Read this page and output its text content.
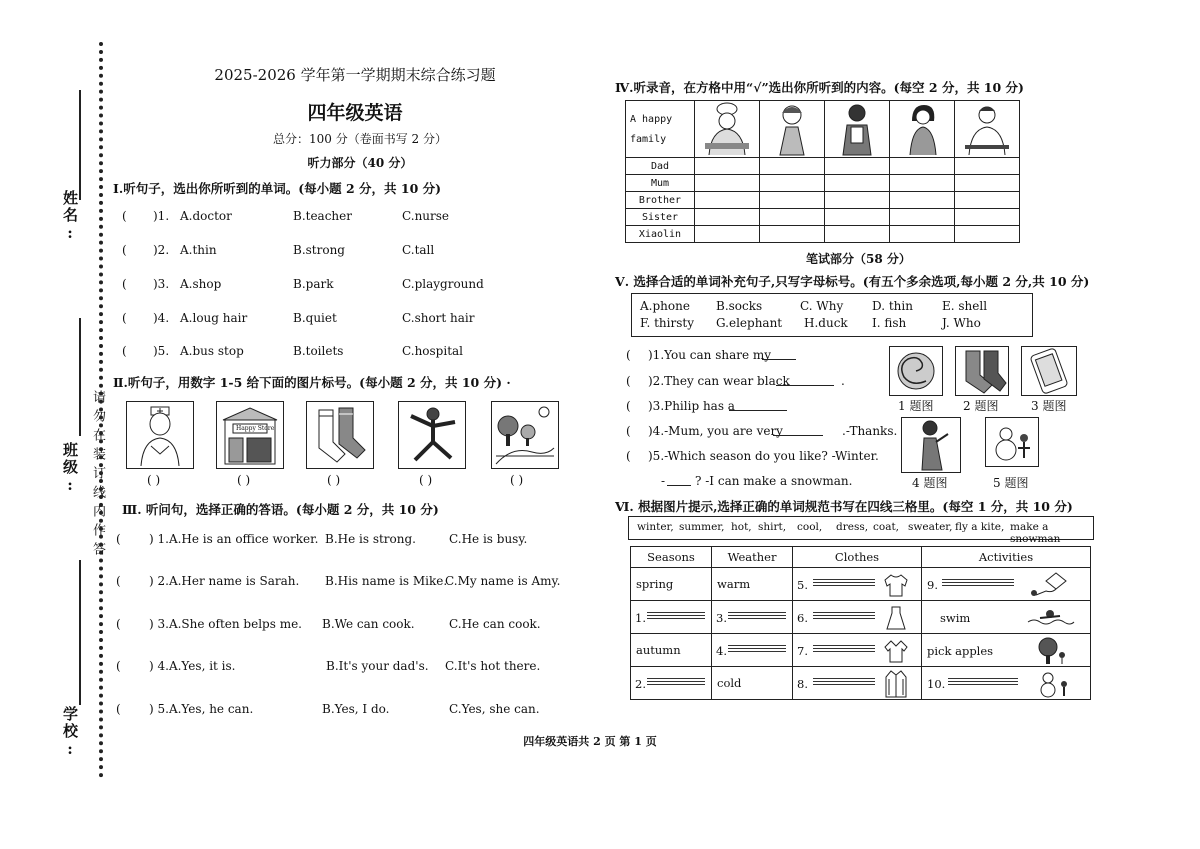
姓名:
班级:
学校:
请勿在装订线内作答
2025-2026 学年第一学期期末综合练习题
四年级英语
总分：100 分（卷面书写 2 分）
听力部分（40 分）
Ⅰ.听句子，选出你所听到的单词。(每小题 2 分，共 10 分)
( )1. A.doctor	B.teacher	C.nurse
( )2. A.thin	B.strong	C.tall
( )3. A.shop	B.park	C.playground
( )4. A.loug hair	B.quiet	C.short hair
( )5. A.bus stop	B.toilets	C.hospital
Ⅱ.听句子，用数字 1-5 给下面的图片标号。(每小题 2 分，共 10 分) ·
Happy Store
( )	( )	( )	( )	( )
Ⅲ. 听问句，选择正确的答语。(每小题 2 分，共 10 分)
( ) 1.A.He is an office worker. B.He is strong.	C.He is busy.
( ) 2.A.Her name is Sarah. B.His name is Mike.
C.My name is Amy.
( ) 3.A.She often belps me. B.We can cook.	C.He can cook.
( ) 4.A.Yes, it is.	B.It's your dad's. C.It's hot there.
( ) 5.A.Yes, he can.	B.Yes, I do.	C.Yes, she can.
Ⅳ.听录音，在方格中用“√”选出你所听到的内容。(每空 2 分，共 10 分)
A happy
family

Dad					
Mum					
Brother					
Sister					
Xiaolin					
笔试部分（58 分）
Ⅴ. 选择合适的单词补充句子,只写字母标号。(有五个多余选项,每小题 2 分,共 10 分)
A.phone B.socks	C. Why D. thin E. shell
F. thirsty G.elephant H.duck I. fish	J. Who
( )1.You can share my
( )2.They can wear black	.
( )3.Philip has a
( )4.-Mum, you are very	.-Thanks.
( )5.-Which season do you like? -Winter.
- ? -I can make a snowman.
1 题图 2 题图	3 题图
4 题图	5 题图
Ⅵ. 根据图片提示,选择正确的单词规范书写在四线三格里。(每空 1 分，共 10 分)
winter, summer, hot, shirt, cool, dress, coat, sweater, fly a kite, make a snowman
Seasons	Weather	Clothes	Activities
spring	warm	5.	9.

1.	3.	6.	swim

autumn	4.	7.	pick apples

2.	cold	8.	10.
四年级英语共 2 页 第 1 页
